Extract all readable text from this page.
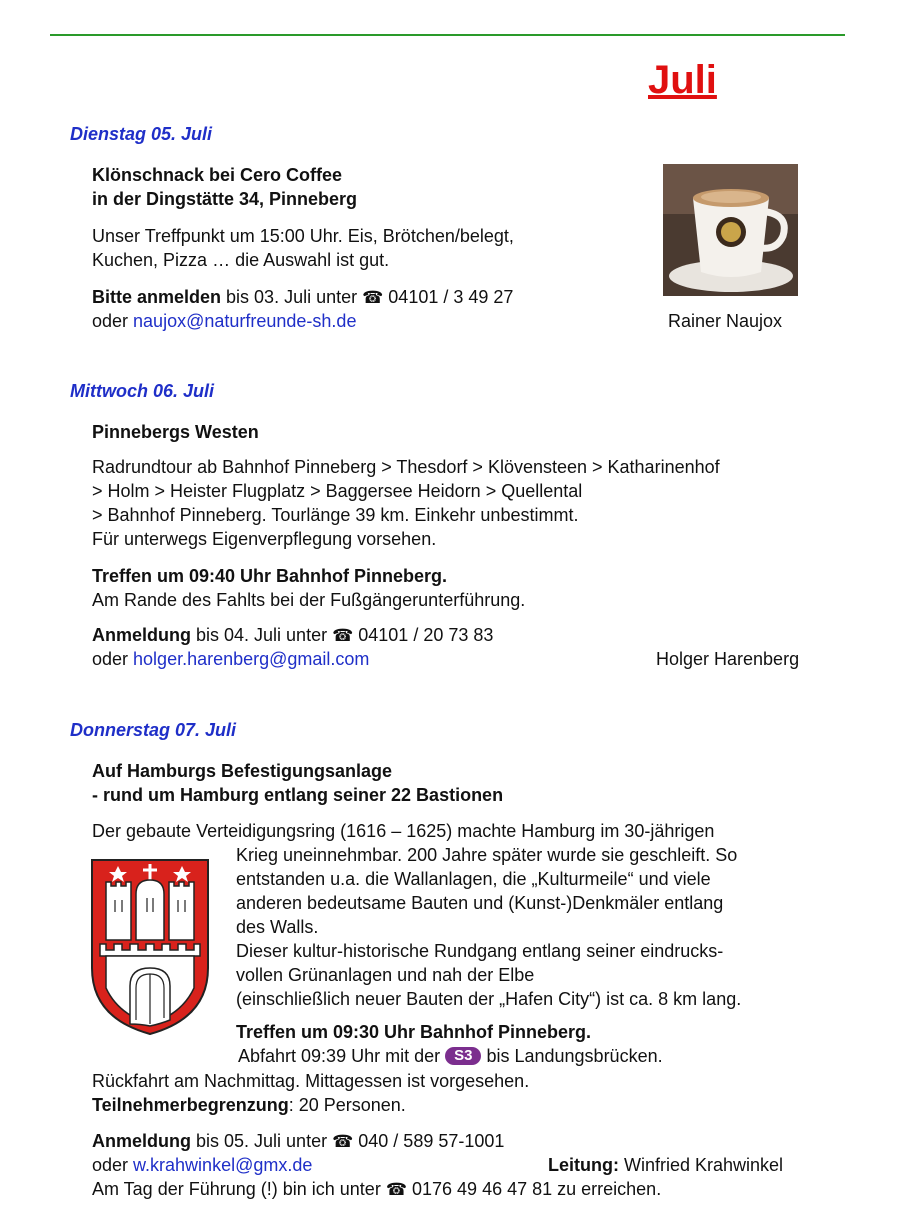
Juli
Dienstag 05. Juli
Klönschnack bei Cero Coffee
in der Dingstätte 34, Pinneberg
Unser Treffpunkt um 15:00 Uhr. Eis, Brötchen/belegt,
Kuchen, Pizza … die Auswahl ist gut.
Bitte anmelden bis 03. Juli unter ☎ 04101 / 3 49 27
oder naujox@naturfreunde-sh.de	Rainer Naujox
Mittwoch 06. Juli
Pinnebergs Westen
Radrundtour ab Bahnhof Pinneberg > Thesdorf > Klövensteen > Katharinenhof
> Holm > Heister Flugplatz > Baggersee Heidorn > Quellental
> Bahnhof Pinneberg. Tourlänge 39 km. Einkehr unbestimmt.
Für unterwegs Eigenverpflegung vorsehen.
Treffen um 09:40 Uhr Bahnhof Pinneberg.
Am Rande des Fahlts bei der Fußgängerunterführung.
Anmeldung bis 04. Juli unter ☎ 04101 / 20 73 83
oder holger.harenberg@gmail.com	Holger Harenberg
Donnerstag 07. Juli
Auf Hamburgs Befestigungsanlage
- rund um Hamburg entlang seiner 22 Bastionen
Der gebaute Verteidigungsring (1616 – 1625) machte Hamburg im 30-jährigen
Krieg uneinnehmbar. 200 Jahre später wurde sie geschleift. So
entstanden u.a. die Wallanlagen, die „Kulturmeile“ und viele
anderen bedeutsame Bauten und (Kunst-)Denkmäler entlang
des Walls.
Dieser kultur-historische Rundgang entlang seiner eindrucks-
vollen Grünanlagen und nah der Elbe
(einschließlich neuer Bauten der „Hafen City“) ist ca. 8 km lang.
Treffen um 09:30 Uhr Bahnhof Pinneberg.
Abfahrt 09:39 Uhr mit der S3 bis Landungsbrücken.
Rückfahrt am Nachmittag. Mittagessen ist vorgesehen.
Teilnehmerbegrenzung: 20 Personen.
Anmeldung bis 05. Juli unter ☎ 040 / 589 57-1001
oder w.krahwinkel@gmx.de	Leitung: Winfried Krahwinkel
Am Tag der Führung (!) bin ich unter ☎ 0176 49 46 47 81 zu erreichen.
